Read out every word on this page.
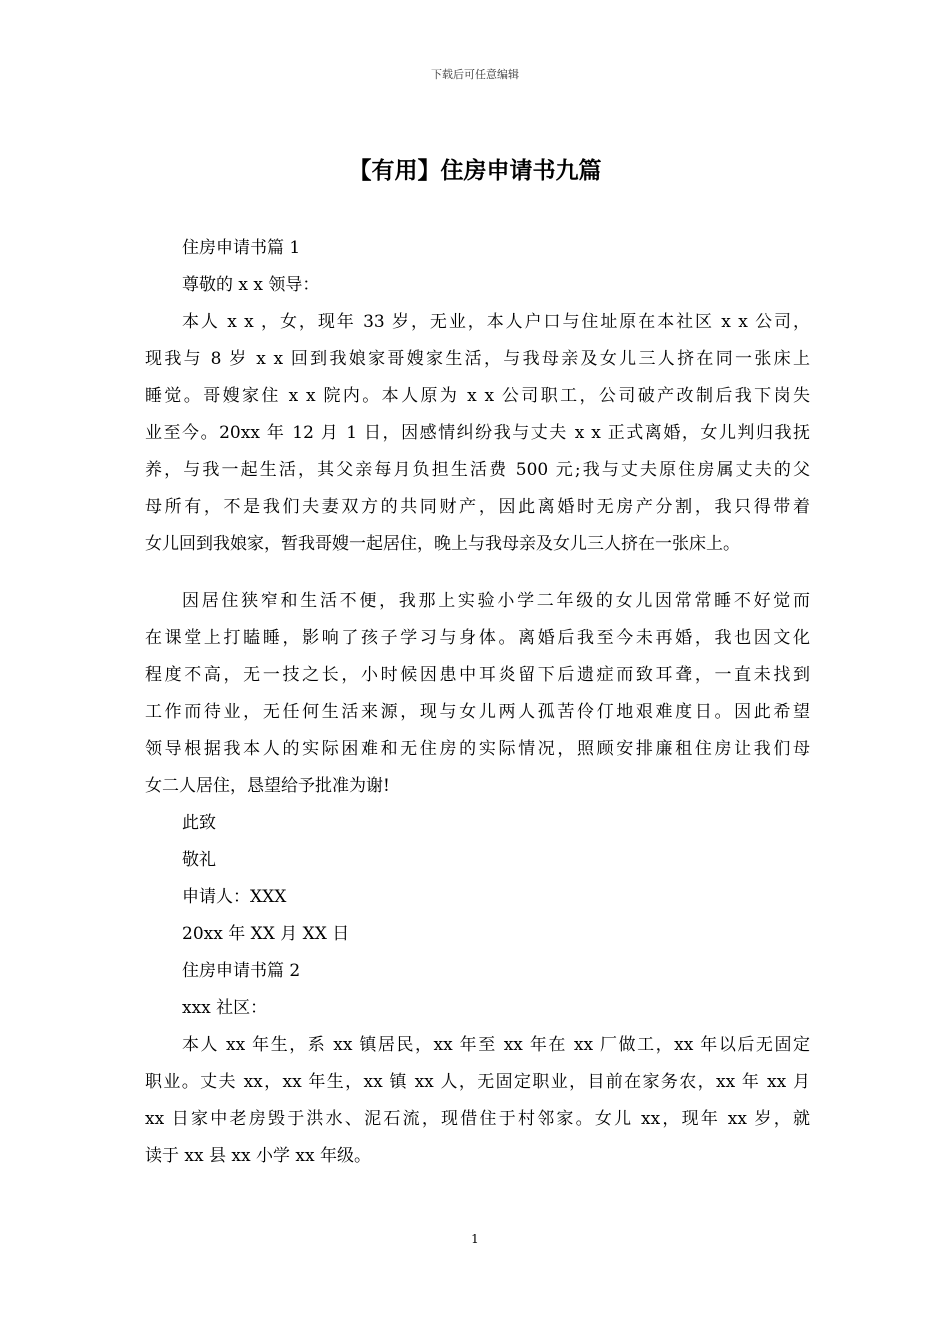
下载后可任意编辑
【有用】住房申请书九篇
住房申请书篇 1
尊敬的 x x 领导：
本人 x x ，女，现年 33 岁，无业，本人户口与住址原在本社区 x x 公司，
现我与 8 岁 x x 回到我娘家哥嫂家生活，与我母亲及女儿三人挤在同一张床上
睡觉。哥嫂家住 x x 院内。本人原为 x x 公司职工，公司破产改制后我下岗失
业至今。20xx 年 12 月 1 日，因感情纠纷我与丈夫 x x 正式离婚，女儿判归我抚
养，与我一起生活，其父亲每月负担生活费 500 元;我与丈夫原住房属丈夫的父
母所有，不是我们夫妻双方的共同财产，因此离婚时无房产分割，我只得带着
女儿回到我娘家，暂我哥嫂一起居住，晚上与我母亲及女儿三人挤在一张床上。
因居住狭窄和生活不便，我那上实验小学二年级的女儿因常常睡不好觉而
在课堂上打瞌睡，影响了孩子学习与身体。离婚后我至今未再婚，我也因文化
程度不高，无一技之长，小时候因患中耳炎留下后遗症而致耳聋，一直未找到
工作而待业，无任何生活来源，现与女儿两人孤苦伶仃地艰难度日。因此希望
领导根据我本人的实际困难和无住房的实际情况，照顾安排廉租住房让我们母
女二人居住，恳望给予批准为谢!
此致
敬礼
申请人：XXX
20xx 年 XX 月 XX 日
住房申请书篇 2
xxx 社区：
本人 xx 年生，系 xx 镇居民，xx 年至 xx 年在 xx 厂做工，xx 年以后无固定
职业。丈夫 xx，xx 年生，xx 镇 xx 人，无固定职业，目前在家务农，xx 年 xx 月
xx 日家中老房毁于洪水、泥石流，现借住于村邻家。女儿 xx，现年 xx 岁，就
读于 xx 县 xx 小学 xx 年级。
1
